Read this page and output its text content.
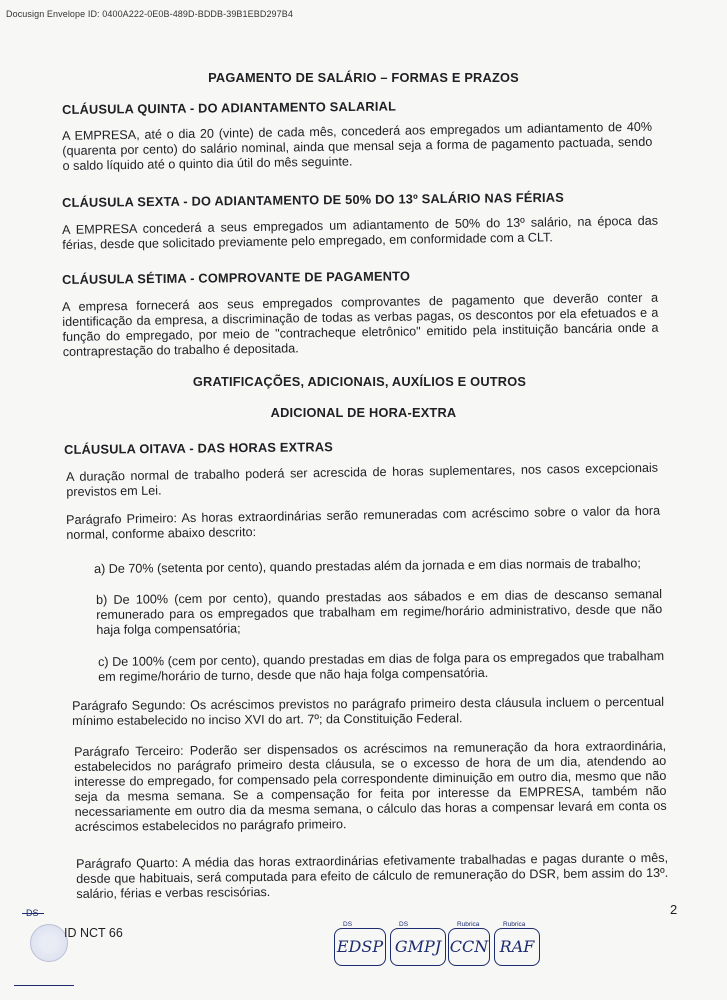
Docusign Envelope ID: 0400A222-0E0B-489D-BDDB-39B1EBD297B4
PAGAMENTO DE SALÁRIO – FORMAS E PRAZOS
CLÁUSULA QUINTA - DO ADIANTAMENTO SALARIAL
A EMPRESA, até o dia 20 (vinte) de cada mês, concederá aos empregados um adiantamento de 40% (quarenta por cento) do salário nominal, ainda que mensal seja a forma de pagamento pactuada, sendo o saldo líquido até o quinto dia útil do mês seguinte.
CLÁUSULA SEXTA - DO ADIANTAMENTO DE 50% DO 13º SALÁRIO NAS FÉRIAS
A EMPRESA concederá a seus empregados um adiantamento de 50% do 13º salário, na época das férias, desde que solicitado previamente pelo empregado, em conformidade com a CLT.
CLÁUSULA SÉTIMA - COMPROVANTE DE PAGAMENTO
A empresa fornecerá aos seus empregados comprovantes de pagamento que deverão conter a identificação da empresa, a discriminação de todas as verbas pagas, os descontos por ela efetuados e a função do empregado, por meio de "contracheque eletrônico" emitido pela instituição bancária onde a contraprestação do trabalho é depositada.
GRATIFICAÇÕES, ADICIONAIS, AUXÍLIOS E OUTROS
ADICIONAL DE HORA-EXTRA
CLÁUSULA OITAVA - DAS HORAS EXTRAS
A duração normal de trabalho poderá ser acrescida de horas suplementares, nos casos excepcionais previstos em Lei.
Parágrafo Primeiro: As horas extraordinárias serão remuneradas com acréscimo sobre o valor da hora normal, conforme abaixo descrito:
a) De 70% (setenta por cento), quando prestadas além da jornada e em dias normais de trabalho;
b) De 100% (cem por cento), quando prestadas aos sábados e em dias de descanso semanal remunerado para os empregados que trabalham em regime/horário administrativo, desde que não haja folga compensatória;
c) De 100% (cem por cento), quando prestadas em dias de folga para os empregados que trabalham em regime/horário de turno, desde que não haja folga compensatória.
Parágrafo Segundo: Os acréscimos previstos no parágrafo primeiro desta cláusula incluem o percentual mínimo estabelecido no inciso XVI do art. 7º; da Constituição Federal.
Parágrafo Terceiro: Poderão ser dispensados os acréscimos na remuneração da hora extraordinária, estabelecidos no parágrafo primeiro desta cláusula, se o excesso de hora de um dia, atendendo ao interesse do empregado, for compensado pela correspondente diminuição em outro dia, mesmo que não seja da mesma semana. Se a compensação for feita por interesse da EMPRESA, também não necessariamente em outro dia da mesma semana, o cálculo das horas a compensar levará em conta os acréscimos estabelecidos no parágrafo primeiro.
Parágrafo Quarto: A média das horas extraordinárias efetivamente trabalhadas e pagas durante o mês, desde que habituais, será computada para efeito de cálculo de remuneração do DSR, bem assim do 13º. salário, férias e verbas rescisórias.
2
DS
ID NCT 66
DS
EDSP
DS
GMPJ
Rubrica
CCN
Rubrica
RAF
